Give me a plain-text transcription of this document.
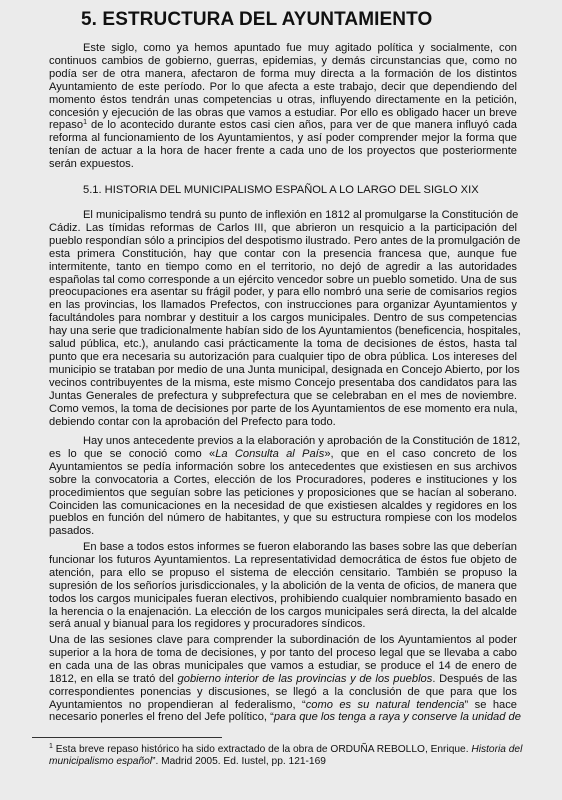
5. ESTRUCTURA DEL AYUNTAMIENTO

Este siglo, como ya hemos apuntado fue muy agitado política y socialmente, con
continuos cambios de gobierno, guerras, epidemias, y demás circunstancias que, como no
podía ser de otra manera, afectaron de forma muy directa a la formación de los distintos
Ayuntamiento de este período. Por lo que afecta a este trabajo, decir que dependiendo del
momento éstos tendrán unas competencias u otras, influyendo directamente en la petición,
concesión y ejecución de las obras que vamos a estudiar. Por ello es obligado hacer un breve
repaso$^1$ de lo acontecido durante estos casi cien años, para ver de que manera influyó cada
reforma al funcionamiento de los Ayuntamientos, y así poder comprender mejor la forma que
tenían de actuar a la hora de hacer frente a cada uno de los proyectos que posteriormente
serán expuestos.

5.1. HISTORIA DEL MUNICIPALISMO ESPAÑOL A LO LARGO DEL SIGLO XIX

El municipalismo tendrá su punto de inflexión en 1812 al promulgarse la Constitución de
Cádiz. Las tímidas reformas de Carlos III, que abrieron un resquicio a la participación del
pueblo respondían sólo a principios del despotismo ilustrado. Pero antes de la promulgación de
esta primera Constitución, hay que contar con la presencia francesa que, aunque fue
intermitente, tanto en tiempo como en el territorio, no dejó de agredir a las autoridades
españolas tal como corresponde a un ejército vencedor sobre un pueblo sometido. Una de sus
preocupaciones era asentar su frágil poder, y para ello nombró una serie de comisarios regios
en las provincias, los llamados Prefectos, con instrucciones para organizar Ayuntamientos y
facultándoles para nombrar y destituir a los cargos municipales. Dentro de sus competencias
hay una serie que tradicionalmente habían sido de los Ayuntamientos (beneficencia, hospitales,
salud pública, etc.), anulando casi prácticamente la toma de decisiones de éstos, hasta tal
punto que era necesaria su autorización para cualquier tipo de obra pública. Los intereses del
municipio se trataban por medio de una Junta municipal, designada en Concejo Abierto, por los
vecinos contribuyentes de la misma, este mismo Concejo presentaba dos candidatos para las
Juntas Generales de prefectura y subprefectura que se celebraban en el mes de noviembre.
Como vemos, la toma de decisiones por parte de los Ayuntamientos de ese momento era nula,
debiendo contar con la aprobación del Prefecto para todo.

Hay unos antecedente previos a la elaboración y aprobación de la Constitución de 1812,
es lo que se conoció como «La Consulta al País», que en el caso concreto de los
Ayuntamientos se pedía información sobre los antecedentes que existiesen en sus archivos
sobre la convocatoria a Cortes, elección de los Procuradores, poderes e instituciones y los
procedimientos que seguían sobre las peticiones y proposiciones que se hacían al soberano.
Coinciden las comunicaciones en la necesidad de que existiesen alcaldes y regidores en los
pueblos en función del número de habitantes, y que su estructura rompiese con los modelos
pasados.

En base a todos estos informes se fueron elaborando las bases sobre las que deberían
funcionar los futuros Ayuntamientos. La representatividad democrática de éstos fue objeto de
atención, para ello se propuso el sistema de elección censitario. También se propuso la
supresión de los señoríos jurisdiccionales, y la abolición de la venta de oficios, de manera que
todos los cargos municipales fueran electivos, prohibiendo cualquier nombramiento basado en
la herencia o la enajenación. La elección de los cargos municipales será directa, la del alcalde
será anual y bianual para los regidores y procuradores síndicos.

Una de las sesiones clave para comprender la subordinación de los Ayuntamientos al poder
superior a la hora de toma de decisiones, y por tanto del proceso legal que se llevaba a cabo
en cada una de las obras municipales que vamos a estudiar, se produce el 14 de enero de
1812, en ella se trató del gobierno interior de las provincias y de los pueblos. Después de las
correspondientes ponencias y discusiones, se llegó a la conclusión de que para que los
Ayuntamientos no propendieran al federalismo, “como es su natural tendencia” se hace
necesario ponerles el freno del Jefe político, “para que los tenga a raya y conserve la unidad de

$^1$ Esta breve repaso histórico ha sido extractado de la obra de ORDUÑA REBOLLO, Enrique. Historia del
municipalismo español”. Madrid 2005. Ed. Iustel, pp. 121-169
